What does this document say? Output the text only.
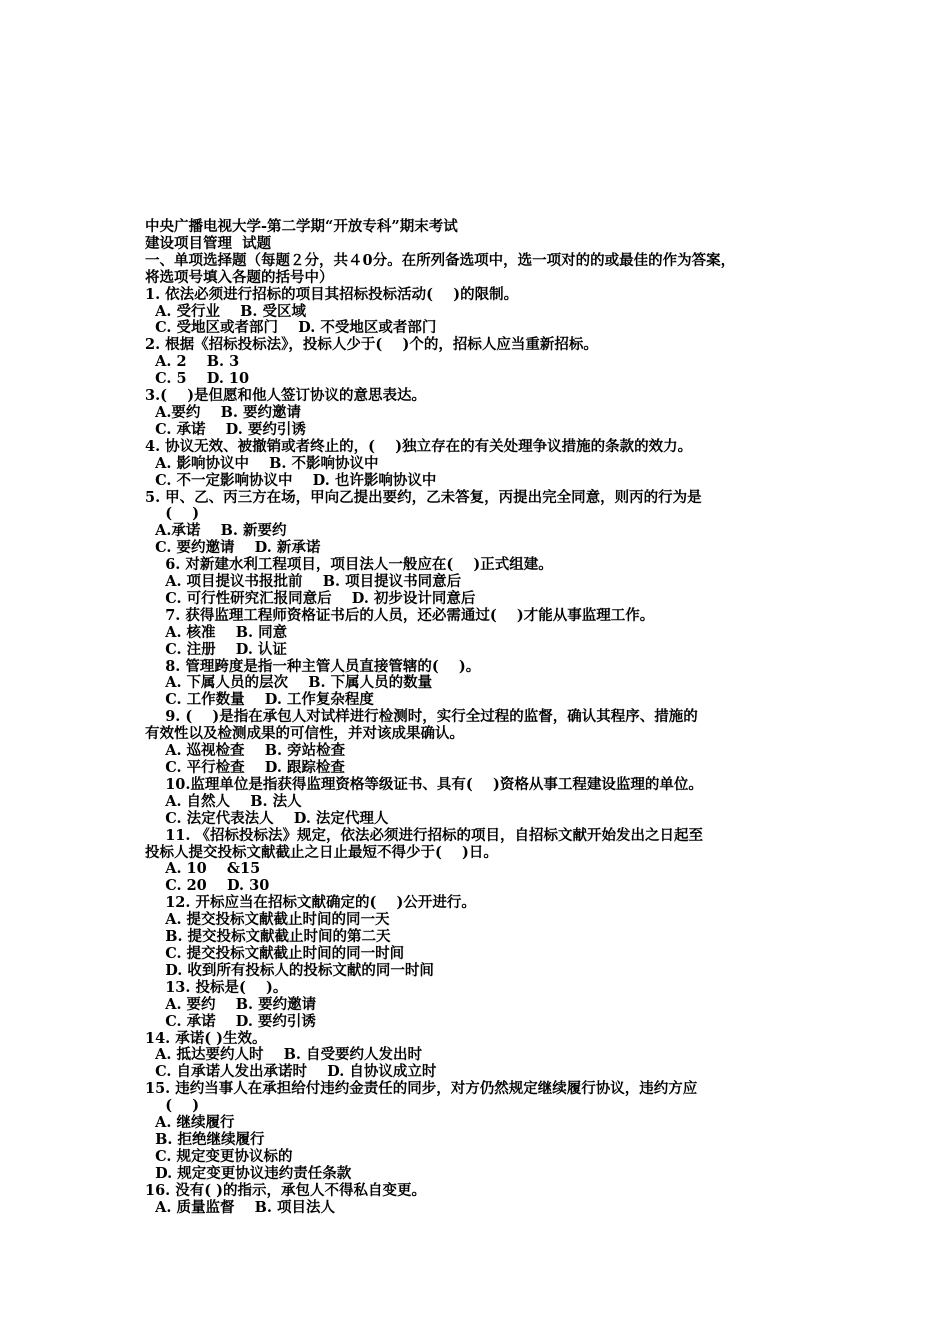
中央广播电视大学-第二学期“开放专科”期末考试
建设项目管理  试题
一、单项选择题（每题２分，共４0分。在所列备选项中，选一项对的的或最佳的作为答案，
将选项号填入各题的括号中）
1. 依法必须进行招标的项目其招标投标活动(    )的限制。
A. 受行业    B. 受区域
C. 受地区或者部门    D. 不受地区或者部门
2. 根据《招标投标法》，投标人少于(    )个的，招标人应当重新招标。
A. 2    B. 3
C. 5    D. 10
3.(    )是但愿和他人签订协议的意思表达。
A.要约    B. 要约邀请
C. 承诺    D. 要约引诱
4. 协议无效、被撤销或者终止的，(    )独立存在的有关处理争议措施的条款的效力。
A. 影响协议中    B. 不影响协议中
C. 不一定影响协议中    D. 也许影响协议中
5. 甲、乙、丙三方在场，甲向乙提出要约，乙未答复，丙提出完全同意，则丙的行为是
(    )
A.承诺    B. 新要约
C. 要约邀请    D. 新承诺
6. 对新建水利工程项目，项目法人一般应在(    )正式组建。
A. 项目提议书报批前    B. 项目提议书同意后
C. 可行性研究汇报同意后    D. 初步设计同意后
7. 获得监理工程师资格证书后的人员，还必需通过(    )才能从事监理工作。
A. 核准    B. 同意
C. 注册    D. 认证
8. 管理跨度是指一种主管人员直接管辖的(    )。
A. 下属人员的层次    B. 下属人员的数量
C. 工作数量    D. 工作复杂程度
9. (    )是指在承包人对试样进行检测时，实行全过程的监督，确认其程序、措施的
有效性以及检测成果的可信性，并对该成果确认。
A. 巡视检查    B. 旁站检查
C. 平行检查    D. 跟踪检查
10.监理单位是指获得监理资格等级证书、具有(    )资格从事工程建设监理的单位。
A. 自然人    B. 法人
C. 法定代表法人    D. 法定代理人
11. 《招标投标法》规定，依法必须进行招标的项目，自招标文献开始发出之日起至
投标人提交投标文献截止之日止最短不得少于(    )日。
A. 10    &15
C. 20    D. 30
12. 开标应当在招标文献确定的(    )公开进行。
A. 提交投标文献截止时间的同一天
B. 提交投标文献截止时间的第二天
C. 提交投标文献截止时间的同一时间
D. 收到所有投标人的投标文献的同一时间
13. 投标是(    )。
A. 要约    B. 要约邀请
C. 承诺    D. 要约引诱
14. 承诺( )生效。
A. 抵达要约人时    B. 自受要约人发出时
C. 自承诺人发出承诺时    D. 自协议成立时
15. 违约当事人在承担给付违约金责任的同步，对方仍然规定继续履行协议，违约方应
(    )
A. 继续履行
B. 拒绝继续履行
C. 规定变更协议标的
D. 规定变更协议违约责任条款
16. 没有( )的指示，承包人不得私自变更。
A. 质量监督    B. 项目法人
